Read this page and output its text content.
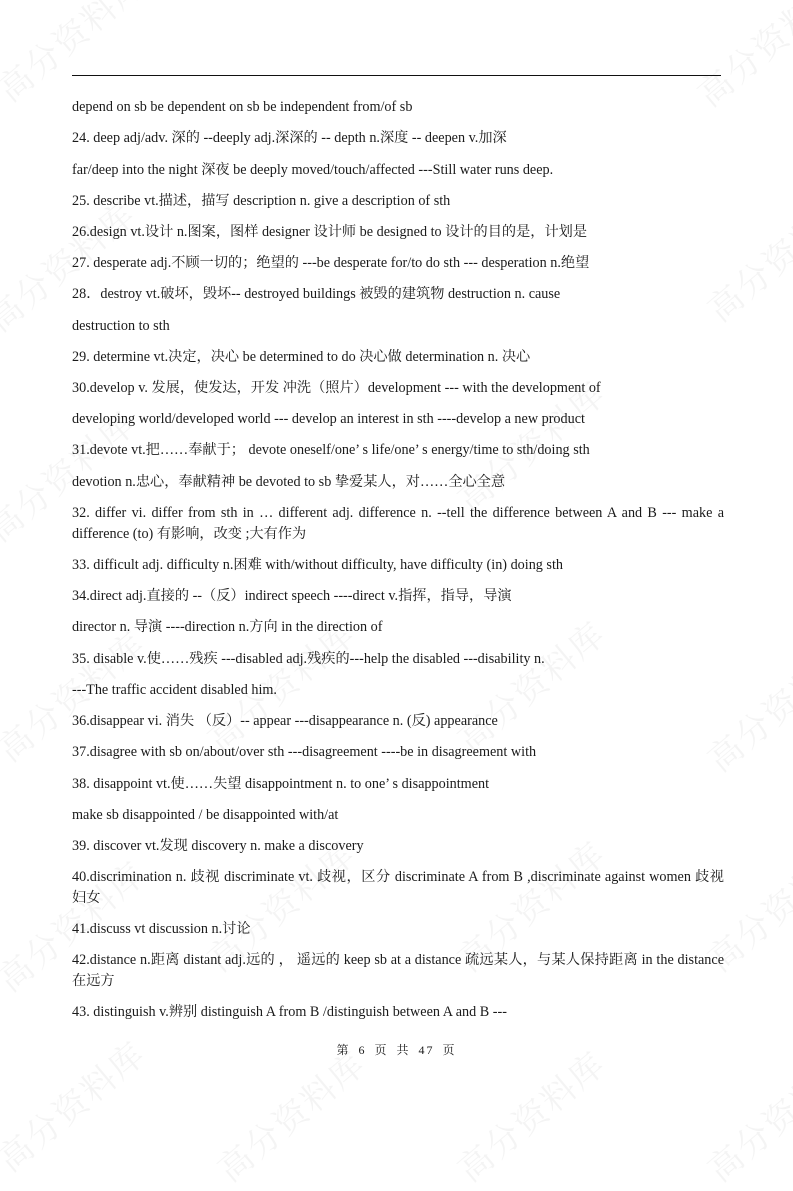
depend on sb be dependent on sb be independent from/of sb
24. deep adj/adv. 深的 --deeply adj.深深的 -- depth n.深度 -- deepen v.加深
far/deep into the night 深夜 be deeply moved/touch/affected ---Still water runs deep.
25. describe vt.描述，描写 description n. give a description of sth
26.design vt.设计 n.图案，图样 designer 设计师 be designed to 设计的目的是，计划是
27. desperate adj.不顾一切的；绝望的 ---be desperate for/to do sth --- desperation n.绝望
28．destroy vt.破坏，毁坏-- destroyed buildings 被毁的建筑物 destruction n. cause
destruction to sth
29. determine vt.决定，决心 be determined to do 决心做 determination n. 决心
30.develop v. 发展，使发达，开发 冲洗（照片）development --- with the development of
developing world/developed world --- develop an interest in sth ----develop a new product
31.devote vt.把……奉献于； devote oneself/one’ s life/one’ s energy/time to sth/doing sth
devotion n.忠心，奉献精神 be devoted to sb 挚爱某人，对……全心全意
32. differ vi. differ from sth in … different adj. difference n. --tell the difference between A and B --- make a difference (to) 有影响，改变 ;大有作为
33. difficult adj. difficulty n.困难 with/without difficulty, have difficulty (in) doing sth
34.direct adj.直接的 --（反）indirect speech ----direct v.指挥，指导，导演
director n. 导演 ----direction n.方向 in the direction of
35. disable v.使……残疾 ---disabled adj.残疾的---help the disabled ---disability n.
---The traffic accident disabled him.
36.disappear vi. 消失 （反）-- appear ---disappearance n. (反) appearance
37.disagree with sb on/about/over sth ---disagreement ----be in disagreement with
38. disappoint vt.使……失望 disappointment n. to one’ s disappointment
make sb disappointed / be disappointed with/at
39. discover vt.发现 discovery n. make a discovery
40.discrimination n. 歧视 discriminate vt. 歧视，区分 discriminate A from B ,discriminate against women 歧视妇女
41.discuss vt discussion n.讨论
42.distance n.距离 distant adj.远的 ， 遥远的 keep sb at a distance 疏远某人，与某人保持距离 in the distance 在远方
43. distinguish v.辨别 distinguish A from B /distinguish between A and B ---
第 6 页 共 47 页
